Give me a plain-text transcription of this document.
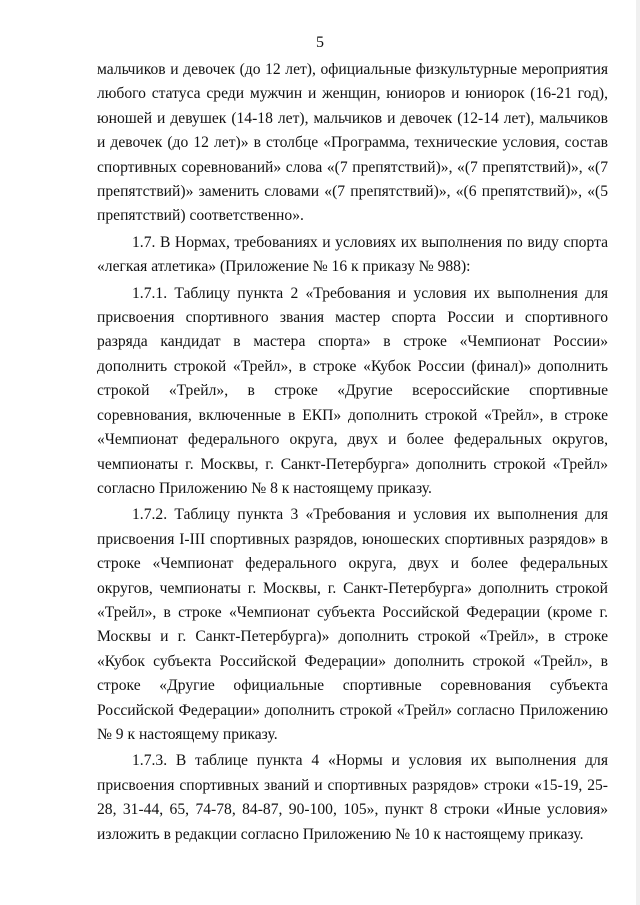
5

мальчиков и девочек (до 12 лет), официальные физкультурные мероприятия любого статуса среди мужчин и женщин, юниоров и юниорок (16-21 год), юношей и девушек (14-18 лет), мальчиков и девочек (12-14 лет), мальчиков и девочек (до 12 лет)» в столбце «Программа, технические условия, состав спортивных соревнований» слова «(7 препятствий)», «(7 препятствий)», «(7 препятствий)» заменить словами «(7 препятствий)», «(6 препятствий)», «(5 препятствий) соответственно».

1.7. В Нормах, требованиях и условиях их выполнения по виду спорта «легкая атлетика» (Приложение № 16 к приказу № 988):

1.7.1. Таблицу пункта 2 «Требования и условия их выполнения для присвоения спортивного звания мастер спорта России и спортивного разряда кандидат в мастера спорта» в строке «Чемпионат России» дополнить строкой «Трейл», в строке «Кубок России (финал)» дополнить строкой «Трейл», в строке «Другие всероссийские спортивные соревнования, включенные в ЕКП» дополнить строкой «Трейл», в строке «Чемпионат федерального округа, двух и более федеральных округов, чемпионаты г. Москвы, г. Санкт-Петербурга» дополнить строкой «Трейл» согласно Приложению № 8 к настоящему приказу.

1.7.2. Таблицу пункта 3 «Требования и условия их выполнения для присвоения I-III спортивных разрядов, юношеских спортивных разрядов» в строке «Чемпионат федерального округа, двух и более федеральных округов, чемпионаты г. Москвы, г. Санкт-Петербурга» дополнить строкой «Трейл», в строке «Чемпионат субъекта Российской Федерации (кроме г. Москвы и г. Санкт-Петербурга)» дополнить строкой «Трейл», в строке «Кубок субъекта Российской Федерации» дополнить строкой «Трейл», в строке «Другие официальные спортивные соревнования субъекта Российской Федерации» дополнить строкой «Трейл» согласно Приложению № 9 к настоящему приказу.

1.7.3. В таблице пункта 4 «Нормы и условия их выполнения для присвоения спортивных званий и спортивных разрядов» строки «15-19, 25-28, 31-44, 65, 74-78, 84-87, 90-100, 105», пункт 8 строки «Иные условия» изложить в редакции согласно Приложению № 10 к настоящему приказу.
